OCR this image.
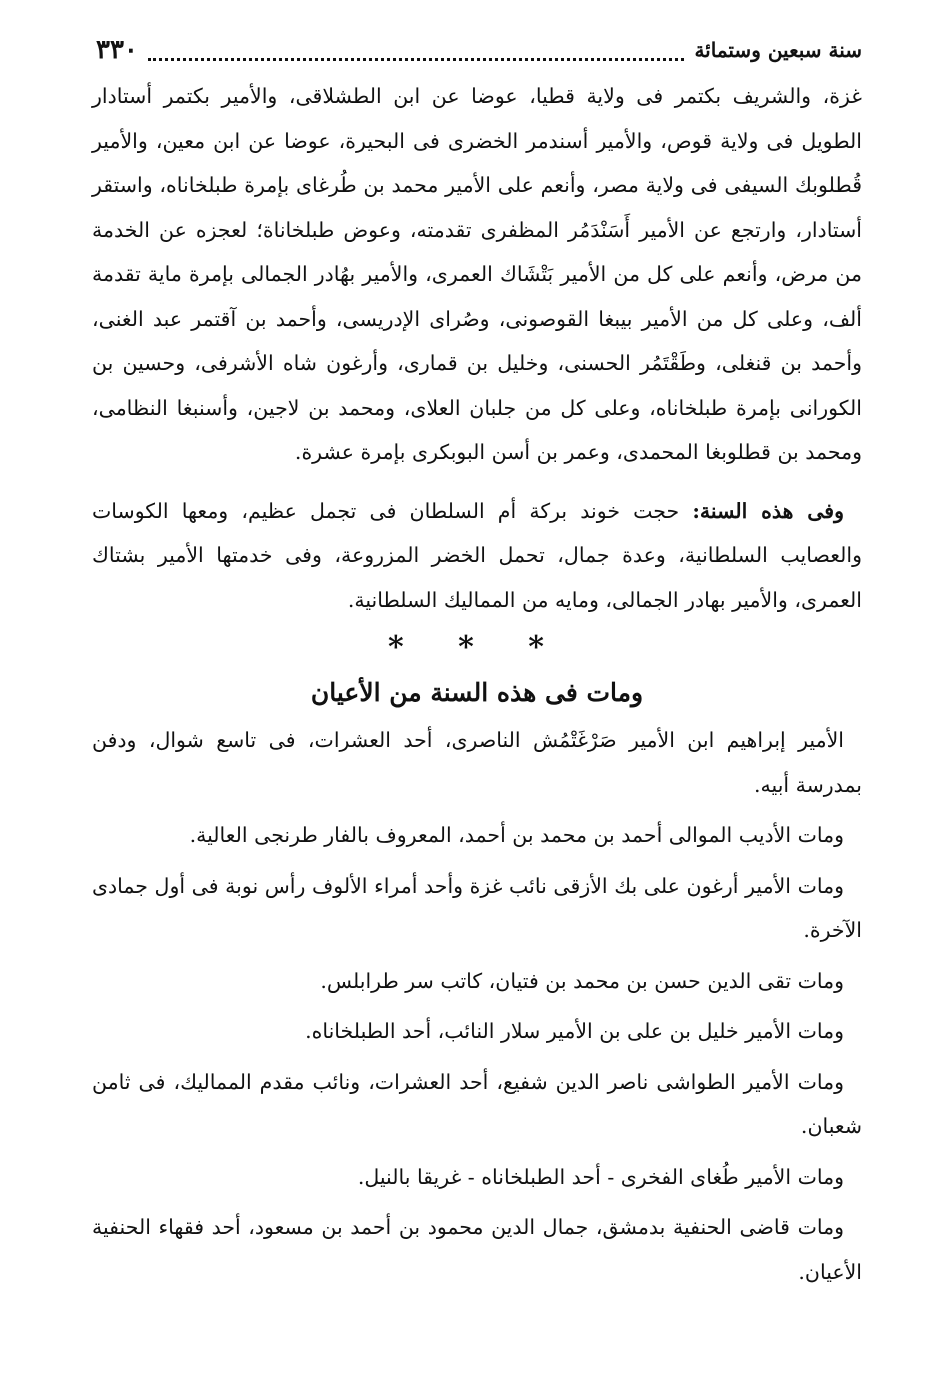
سنة سبعين وستمائة
٣٣٠

غزة، والشريف بكتمر فى ولاية قطيا، عوضا عن ابن الطشلاقى، والأمير بكتمر أستادار الطويل فى ولاية قوص، والأمير أسندمر الخضرى فى البحيرة، عوضا عن ابن معين، والأمير قُطلوبك السيفى فى ولاية مصر، وأنعم على الأمير محمد بن طُرغاى بإمرة طبلخاناه، واستقر أستادار، وارتجع عن الأمير أَسَنْدَمُر المظفرى تقدمته، وعوض طبلخاناة؛ لعجزه عن الخدمة من مرض، وأنعم على كل من الأمير بَتْشَاك العمرى، والأمير بهُادر الجمالى بإمرة ماية تقدمة ألف، وعلى كل من الأمير بيبغا القوصونى، وصُراى الإدريسى، وأحمد بن آقتمر عبد الغنى، وأحمد بن قنغلى، وطَقْتَمُر الحسنى، وخليل بن قمارى، وأرغون شاه الأشرفى، وحسين بن الكورانى بإمرة طبلخاناه، وعلى كل من جلبان العلاى، ومحمد بن لاجين، وأسنبغا النظامى، ومحمد بن قطلوبغا المحمدى، وعمر بن أسن البوبكرى بإمرة عشرة.

وفى هذه السنة: حجت خوند بركة أم السلطان فى تجمل عظيم، ومعها الكوسات والعصايب السلطانية، وعدة جمال، تحمل الخضر المزروعة، وفى خدمتها الأمير بشتاك العمرى، والأمير بهادر الجمالى، ومايه من المماليك السلطانية.

* * *
ومات فى هذه السنة من الأعيان

الأمير إبراهيم ابن الأمير صَرْغَتْمُش الناصرى، أحد العشرات، فى تاسع شوال، ودفن بمدرسة أبيه.

ومات الأديب الموالى أحمد بن محمد بن أحمد، المعروف بالفار طرنجى العالية.

ومات الأمير أرغون على بك الأزقى نائب غزة وأحد أمراء الألوف رأس نوبة فى أول جمادى الآخرة.

ومات تقى الدين حسن بن محمد بن فتيان، كاتب سر طرابلس.

ومات الأمير خليل بن على بن الأمير سلار النائب، أحد الطبلخاناه.

ومات الأمير الطواشى ناصر الدين شفيع، أحد العشرات، ونائب مقدم المماليك، فى ثامن شعبان.

ومات الأمير طُغاى الفخرى - أحد الطبلخاناه - غريقا بالنيل.

ومات قاضى الحنفية بدمشق، جمال الدين محمود بن أحمد بن مسعود، أحد فقهاء الحنفية الأعيان.
